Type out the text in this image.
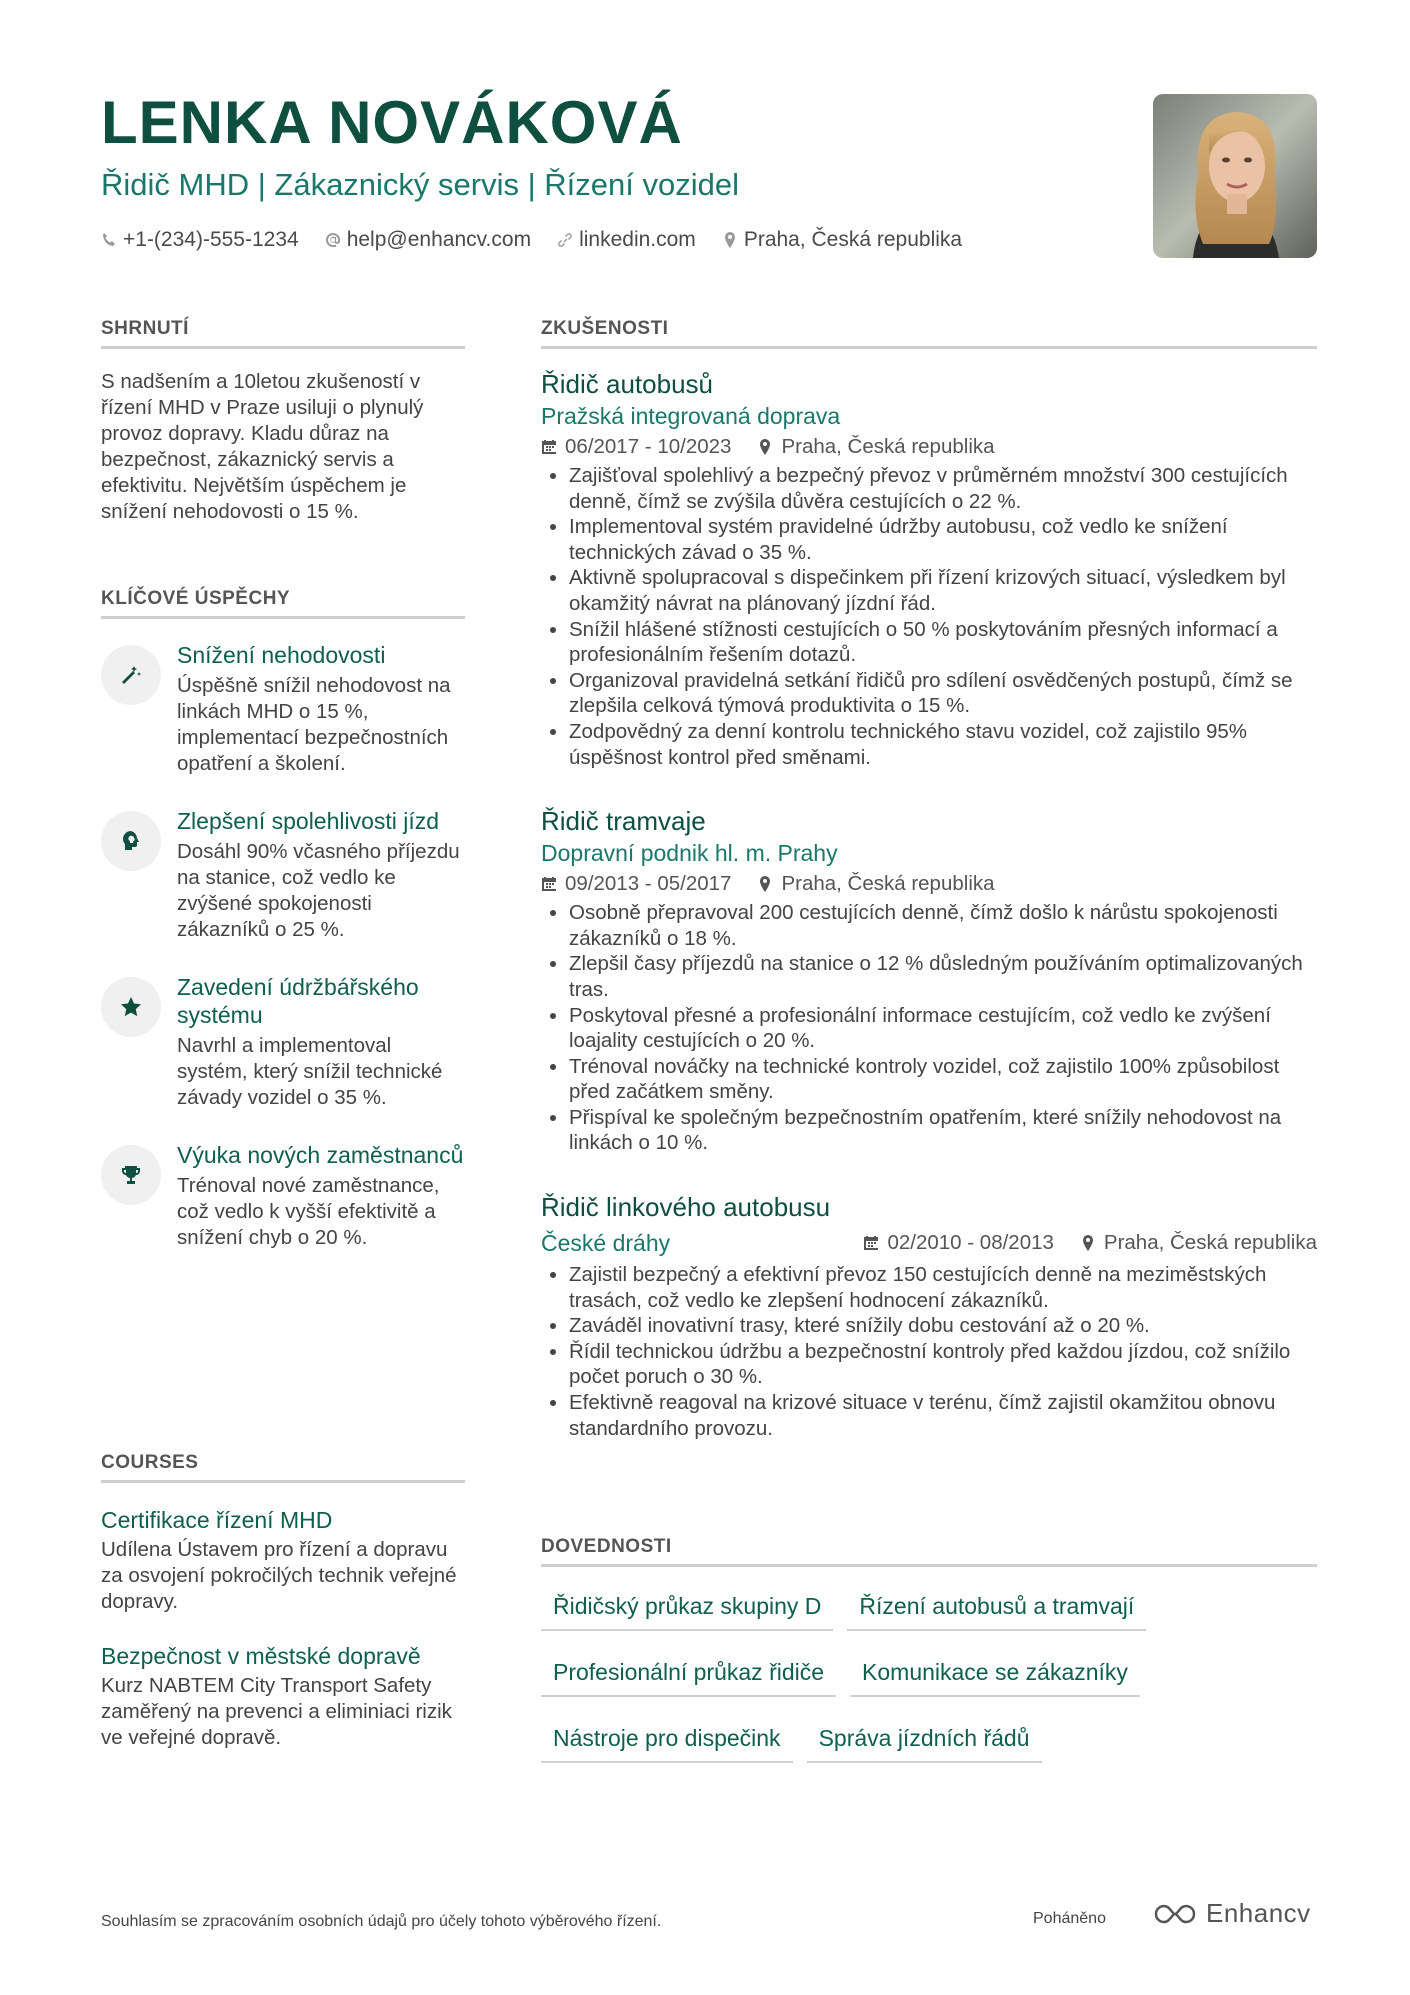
LENKA NOVÁKOVÁ
Řidič MHD | Zákaznický servis | Řízení vozidel
+1-(234)-555-1234 help@enhancv.com linkedin.com Praha, Česká republika
SHRNUTÍ
S nadšením a 10letou zkušeností v řízení MHD v Praze usiluji o plynulý provoz dopravy. Kladu důraz na bezpečnost, zákaznický servis a efektivitu. Největším úspěchem je snížení nehodovosti o 15 %.
KLÍČOVÉ ÚSPĚCHY
Snížení nehodovosti
Úspěšně snížil nehodovost na linkách MHD o 15 %, implementací bezpečnostních opatření a školení.
Zlepšení spolehlivosti jízd
Dosáhl 90% včasného příjezdu na stanice, což vedlo ke zvýšené spokojenosti zákazníků o 25 %.
Zavedení údržbářského systému
Navrhl a implementoval systém, který snížil technické závady vozidel o 35 %.
Výuka nových zaměstnanců
Trénoval nové zaměstnance, což vedlo k vyšší efektivitě a snížení chyb o 20 %.
COURSES
Certifikace řízení MHD
Udílena Ústavem pro řízení a dopravu za osvojení pokročilých technik veřejné dopravy.
Bezpečnost v městské dopravě
Kurz NABTEM City Transport Safety zaměřený na prevenci a eliminiaci rizik ve veřejné dopravě.
ZKUŠENOSTI
Řidič autobusů
Pražská integrovaná doprava
06/2017 - 10/2023 Praha, Česká republika
• Zajišťoval spolehlivý a bezpečný převoz v průměrném množství 300 cestujících denně, čímž se zvýšila důvěra cestujících o 22 %.
• Implementoval systém pravidelné údržby autobusu, což vedlo ke snížení technických závad o 35 %.
• Aktivně spolupracoval s dispečinkem při řízení krizových situací, výsledkem byl okamžitý návrat na plánovaný jízdní řád.
• Snížil hlášené stížnosti cestujících o 50 % poskytováním přesných informací a profesionálním řešením dotazů.
• Organizoval pravidelná setkání řidičů pro sdílení osvědčených postupů, čímž se zlepšila celková týmová produktivita o 15 %.
• Zodpovědný za denní kontrolu technického stavu vozidel, což zajistilo 95% úspěšnost kontrol před směnami.
Řidič tramvaje
Dopravní podnik hl. m. Prahy
09/2013 - 05/2017 Praha, Česká republika
• Osobně přepravoval 200 cestujících denně, čímž došlo k nárůstu spokojenosti zákazníků o 18 %.
• Zlepšil časy příjezdů na stanice o 12 % důsledným používáním optimalizovaných tras.
• Poskytoval přesné a profesionální informace cestujícím, což vedlo ke zvýšení loajality cestujících o 20 %.
• Trénoval nováčky na technické kontroly vozidel, což zajistilo 100% způsobilost před začátkem směny.
• Přispíval ke společným bezpečnostním opatřením, které snížily nehodovost na linkách o 10 %.
Řidič linkového autobusu
České dráhy	02/2010 - 08/2013 Praha, Česká republika
• Zajistil bezpečný a efektivní převoz 150 cestujících denně na meziměstských trasách, což vedlo ke zlepšení hodnocení zákazníků.
• Zaváděl inovativní trasy, které snížily dobu cestování až o 20 %.
• Řídil technickou údržbu a bezpečnostní kontroly před každou jízdou, což snížilo počet poruch o 30 %.
• Efektivně reagoval na krizové situace v terénu, čímž zajistil okamžitou obnovu standardního provozu.
DOVEDNOSTI
Řidičský průkaz skupiny D	Řízení autobusů a tramvají
Profesionální průkaz řidiče	Komunikace se zákazníky
Nástroje pro dispečink	Správa jízdních řádů
Souhlasím se zpracováním osobních údajů pro účely tohoto výběrového řízení.	Poháněno	Enhancv
